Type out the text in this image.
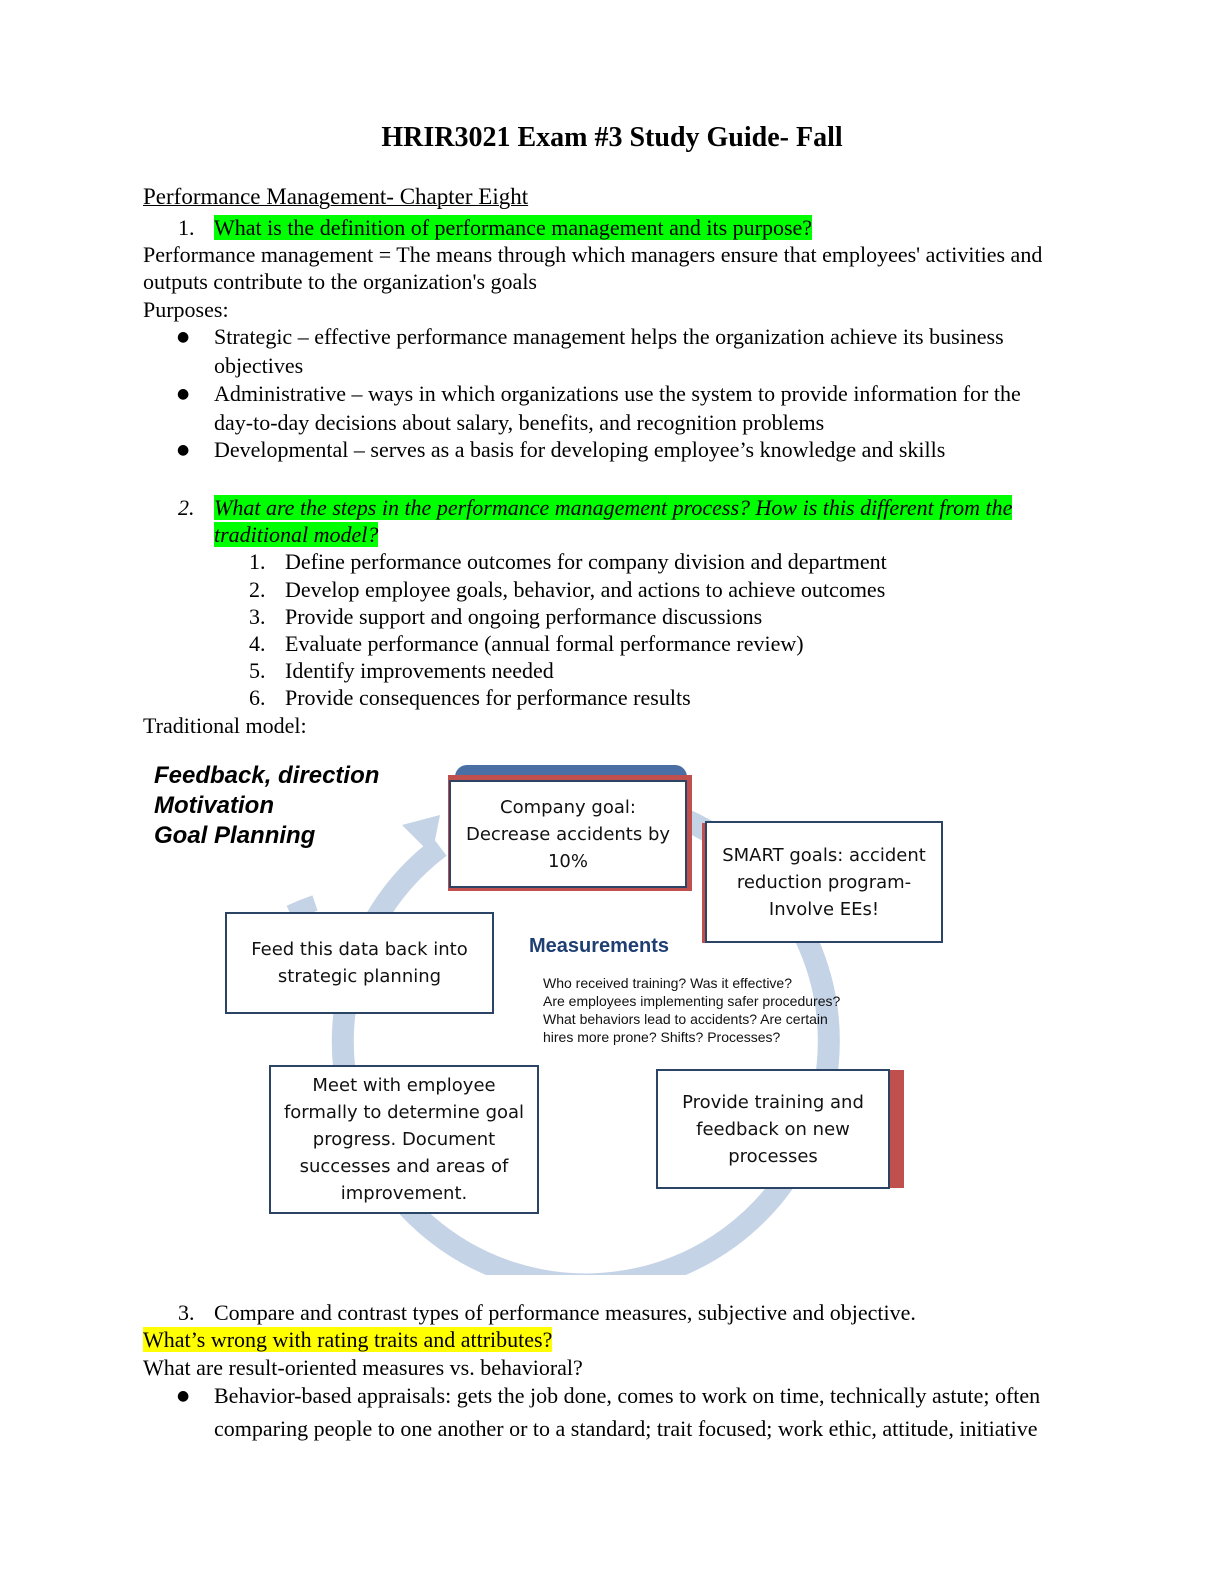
HRIR3021 Exam #3 Study Guide- Fall
Performance Management- Chapter Eight
1. What is the definition of performance management and its purpose?
Performance management = The means through which managers ensure that employees' activities and
outputs contribute to the organization's goals
Purposes:
● Strategic – effective performance management helps the organization achieve its business
objectives
● Administrative – ways in which organizations use the system to provide information for the
day-to-day decisions about salary, benefits, and recognition problems
● Developmental – serves as a basis for developing employee’s knowledge and skills
2. What are the steps in the performance management process? How is this different from the
traditional model?
1. Define performance outcomes for company division and department
2. Develop employee goals, behavior, and actions to achieve outcomes
3. Provide support and ongoing performance discussions
4. Evaluate performance (annual formal performance review)
5. Identify improvements needed
6. Provide consequences for performance results
Traditional model:
Feedback, direction
Motivation
Goal Planning
Company goal: Decrease accidents by 10%	SMART goals: accident reduction program- Involve EEs!
Feed this data back into strategic planning
Meet with employee formally to determine goal progress. Document successes and areas of improvement.
Provide training and feedback on new processes
Measurements
Who received training? Was it effective?
Are employees implementing safer procedures?
What behaviors lead to accidents? Are certain
hires more prone? Shifts? Processes?
3. Compare and contrast types of performance measures, subjective and objective.
What’s wrong with rating traits and attributes?
What are result-oriented measures vs. behavioral?
● Behavior-based appraisals: gets the job done, comes to work on time, technically astute; often
comparing people to one another or to a standard; trait focused; work ethic, attitude, initiative
